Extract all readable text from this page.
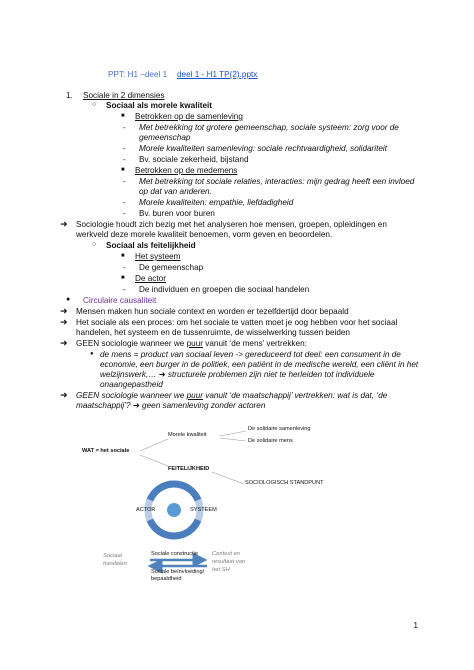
PPT: H1 –deel 1 deel 1 - H1 TP(2).pptx
1. Sociale in 2 dimensies
○ Sociaal als morele kwaliteit
■ Betrokken op de samenleving
- Met betrekking tot grotere gemeenschap, sociale systeem: zorg voor de
gemeenschap
- Morele kwaliteiten samenleving: sociale rechtvaardigheid, solidariteit
- Bv. sociale zekerheid, bijstand
■ Betrokken op de medemens
- Met betrekking tot sociale relaties, interacties: mijn gedrag heeft een invloed
op dat van anderen.
- Morele kwaliteiten: empathie, liefdadigheid
- Bv. buren voor buren
➜ Sociologie houdt zich bezig met het analyseren hoe mensen, groepen, opleidingen en
werkveld deze morele kwaliteit benoemen, vorm geven en beoordelen.
○ Sociaal als feitelijkheid
■ Het systeem
- De gemeenschap
■ De actor
- De individuen en groepen die sociaal handelen
● Circulaire causaliteit
➜ Mensen maken hun sociale context en worden er tezelfdertijd door bepaald
➜ Het sociale als een proces: om het sociale te vatten moet je oog hebben voor het sociaal
handelen, het systeem en de tussenruimte, de wisselwerking tussen beiden
➜ GEEN sociologie wanneer we puur vanuit ‘de mens’ vertrekken:
● de mens = product van sociaal leven -> gereduceerd tot deel: een consument in de
economie, een burger in de politiek, een patiënt in de medische wereld, een cliënt in het
welzijnswerk,… ➜ structurele problemen zijn niet te herleiden tot individuele
onaangepastheid
➜ GEEN sociologie wanneer we puur vanuit ‘de maatschappij’ vertrekken: wat is dat, ‘de
maatschappij’? ➜ geen samenleving zonder actoren
Morele kwaliteit
De solidaire samenleving
De solidaire mens
WAT = het sociale
FEITELIJKHEID
SOCIOLOGISCH STANDPUNT
ACTOR	SYSTEEM
Sociaal
handelen
Sociale constructie
Sociale beïnvloeding/
bepaaldheid
Context en
resultaat van
het SH
1
